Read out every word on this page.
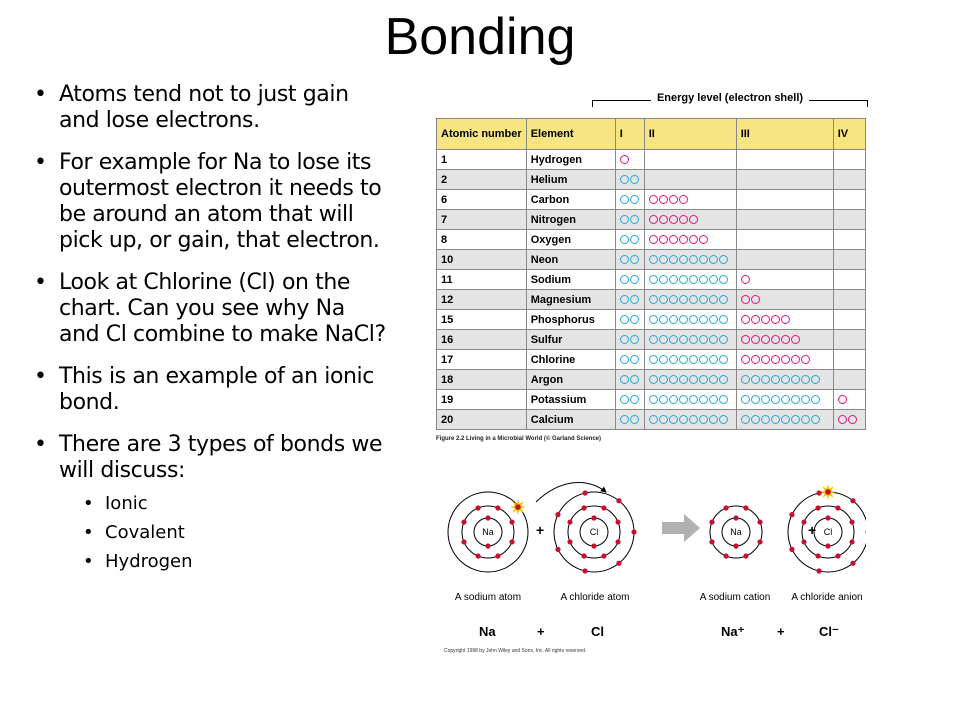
Bonding
• Atoms tend not to just gain and lose electrons.
• For example for Na to lose its outermost electron it needs to be around an atom that will pick up, or gain, that electron.
• Look at Chlorine (Cl) on the chart. Can you see why Na and Cl combine to make NaCl?
• This is an example of an ionic bond.
• There are 3 types of bonds we will discuss:
• Ionic
• Covalent
• Hydrogen
Energy level (electron shell)
Atomic number	Element	I	II	III	IV
1	Hydrogen				
2	Helium				
6	Carbon				
7	Nitrogen				
8	Oxygen				
10	Neon				
11	Sodium				
12	Magnesium				
15	Phosphorus				
16	Sulfur				
17	Chlorine				
18	Argon				
19	Potassium				
20	Calcium				
Figure 2.2 Living in a Microbial World (© Garland Science)
Na	Cl	Na	Cl
+	+
A sodium atom	A chloride atom	A sodium cation	A chloride anion
Na	+	Cl	Na⁺	+	Cl⁻
Copyright 1998 by John Wiley and Sons, Inc. All rights reserved.
